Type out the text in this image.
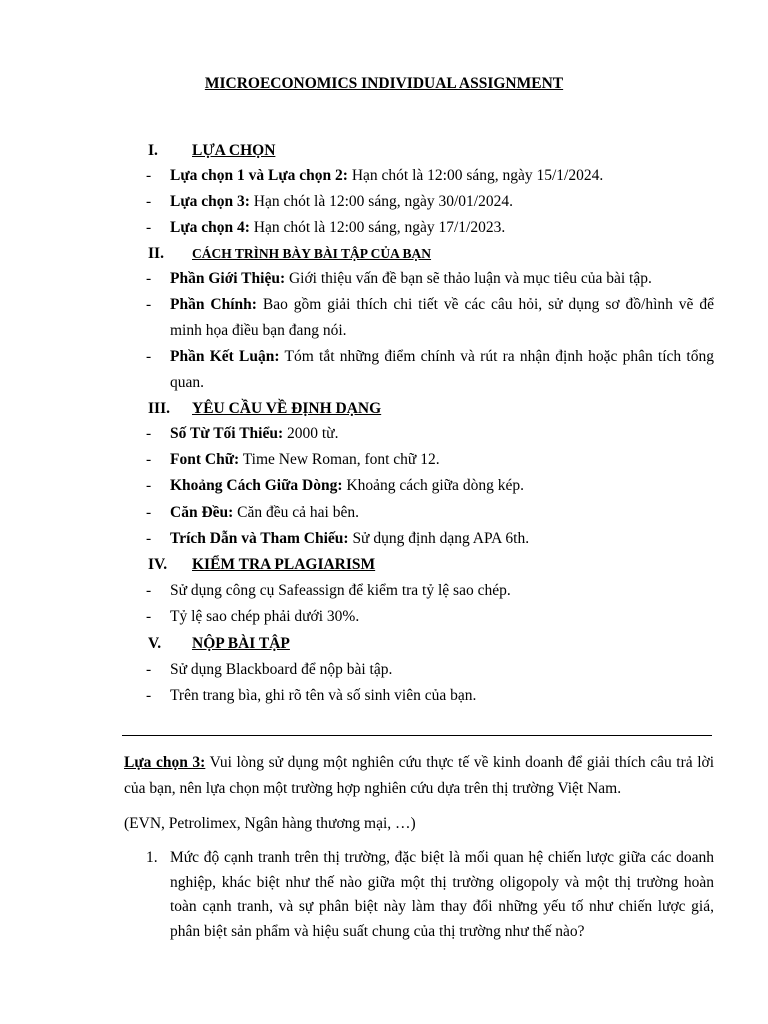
MICROECONOMICS INDIVIDUAL ASSIGNMENT
I. LỰA CHỌN
- Lựa chọn 1 và Lựa chọn 2: Hạn chót là 12:00 sáng, ngày 15/1/2024.
- Lựa chọn 3: Hạn chót là 12:00 sáng, ngày 30/01/2024.
- Lựa chọn 4: Hạn chót là 12:00 sáng, ngày 17/1/2023.
II. CÁCH TRÌNH BÀY BÀI TẬP CỦA BẠN
- Phần Giới Thiệu: Giới thiệu vấn đề bạn sẽ thảo luận và mục tiêu của bài tập.
- Phần Chính: Bao gồm giải thích chi tiết về các câu hỏi, sử dụng sơ đồ/hình vẽ để minh họa điều bạn đang nói.
- Phần Kết Luận: Tóm tắt những điểm chính và rút ra nhận định hoặc phân tích tổng quan.
III. YÊU CẦU VỀ ĐỊNH DẠNG
- Số Từ Tối Thiểu: 2000 từ.
- Font Chữ: Time New Roman, font chữ 12.
- Khoảng Cách Giữa Dòng: Khoảng cách giữa dòng kép.
- Căn Đều: Căn đều cả hai bên.
- Trích Dẫn và Tham Chiếu: Sử dụng định dạng APA 6th.
IV. KIỂM TRA PLAGIARISM
- Sử dụng công cụ Safeassign để kiểm tra tỷ lệ sao chép.
- Tỷ lệ sao chép phải dưới 30%.
V. NỘP BÀI TẬP
- Sử dụng Blackboard để nộp bài tập.
- Trên trang bìa, ghi rõ tên và số sinh viên của bạn.
Lựa chọn 3: Vui lòng sử dụng một nghiên cứu thực tế về kinh doanh để giải thích câu trả lời của bạn, nên lựa chọn một trường hợp nghiên cứu dựa trên thị trường Việt Nam.
(EVN, Petrolimex, Ngân hàng thương mại, …)
1. Mức độ cạnh tranh trên thị trường, đặc biệt là mối quan hệ chiến lược giữa các doanh nghiệp, khác biệt như thế nào giữa một thị trường oligopoly và một thị trường hoàn toàn cạnh tranh, và sự phân biệt này làm thay đổi những yếu tố như chiến lược giá, phân biệt sản phẩm và hiệu suất chung của thị trường như thế nào?
